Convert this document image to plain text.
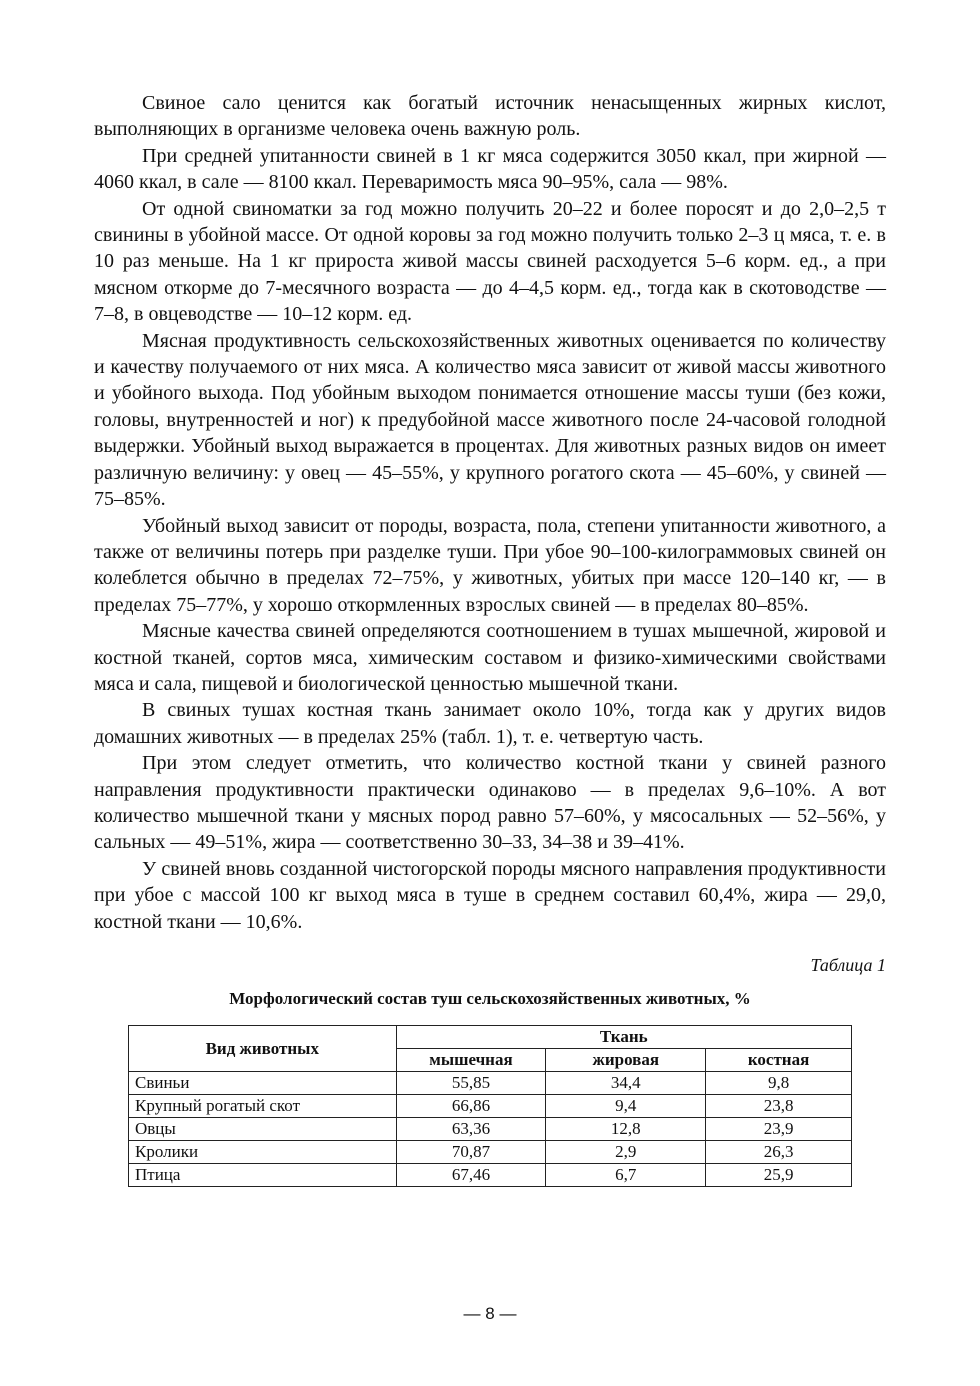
Свиное сало ценится как богатый источник ненасыщенных жирных кислот, выполняющих в организме человека очень важную роль.

При средней упитанности свиней в 1 кг мяса содержится 3050 ккал, при жирной — 4060 ккал, в сале — 8100 ккал. Переваримость мяса 90–95%, сала — 98%.

От одной свиноматки за год можно получить 20–22 и более поросят и до 2,0–2,5 т свинины в убойной массе. От одной коровы за год можно получить только 2–3 ц мяса, т. е. в 10 раз меньше. На 1 кг прироста живой массы свиней расходуется 5–6 корм. ед., а при мясном откорме до 7-месячного возраста — до 4–4,5 корм. ед., тогда как в скотоводстве — 7–8, в овцеводстве — 10–12 корм. ед.

Мясная продуктивность сельскохозяйственных животных оценивается по количеству и качеству получаемого от них мяса. А количество мяса зависит от живой массы животного и убойного выхода. Под убойным выходом понимается отношение массы туши (без кожи, головы, внутренностей и ног) к предубойной массе животного после 24-часовой голодной выдержки. Убойный выход выражается в процентах. Для животных разных видов он имеет различную величину: у овец — 45–55%, у крупного рогатого скота — 45–60%, у свиней — 75–85%.

Убойный выход зависит от породы, возраста, пола, степени упитанности животного, а также от величины потерь при разделке туши. При убое 90–100-килограммовых свиней он колеблется обычно в пределах 72–75%, у животных, убитых при массе 120–140 кг, — в пределах 75–77%, у хорошо откормленных взрослых свиней — в пределах 80–85%.

Мясные качества свиней определяются соотношением в тушах мышечной, жировой и костной тканей, сортов мяса, химическим составом и физико-химическими свойствами мяса и сала, пищевой и биологической ценностью мышечной ткани.

В свиных тушах костная ткань занимает около 10%, тогда как у других видов домашних животных — в пределах 25% (табл. 1), т. е. четвертую часть.

При этом следует отметить, что количество костной ткани у свиней разного направления продуктивности практически одинаково — в пределах 9,6–10%. А вот количество мышечной ткани у мясных пород равно 57–60%, у мясосальных — 52–56%, у сальных — 49–51%, жира — соответственно 30–33, 34–38 и 39–41%.

У свиней вновь созданной чистогорской породы мясного направления продуктивности при убое с массой 100 кг выход мяса в туше в среднем составил 60,4%, жира — 29,0, костной ткани — 10,6%.

Таблица 1
Морфологический состав туш сельскохозяйственных животных, %
Вид животных	Ткань		
	мышечная	жировая	костная
Свиньи	55,85	34,4	9,8
Крупный рогатый скот	66,86	9,4	23,8
Овцы	63,36	12,8	23,9
Кролики	70,87	2,9	26,3
Птица	67,46	6,7	25,9
— 8 —
